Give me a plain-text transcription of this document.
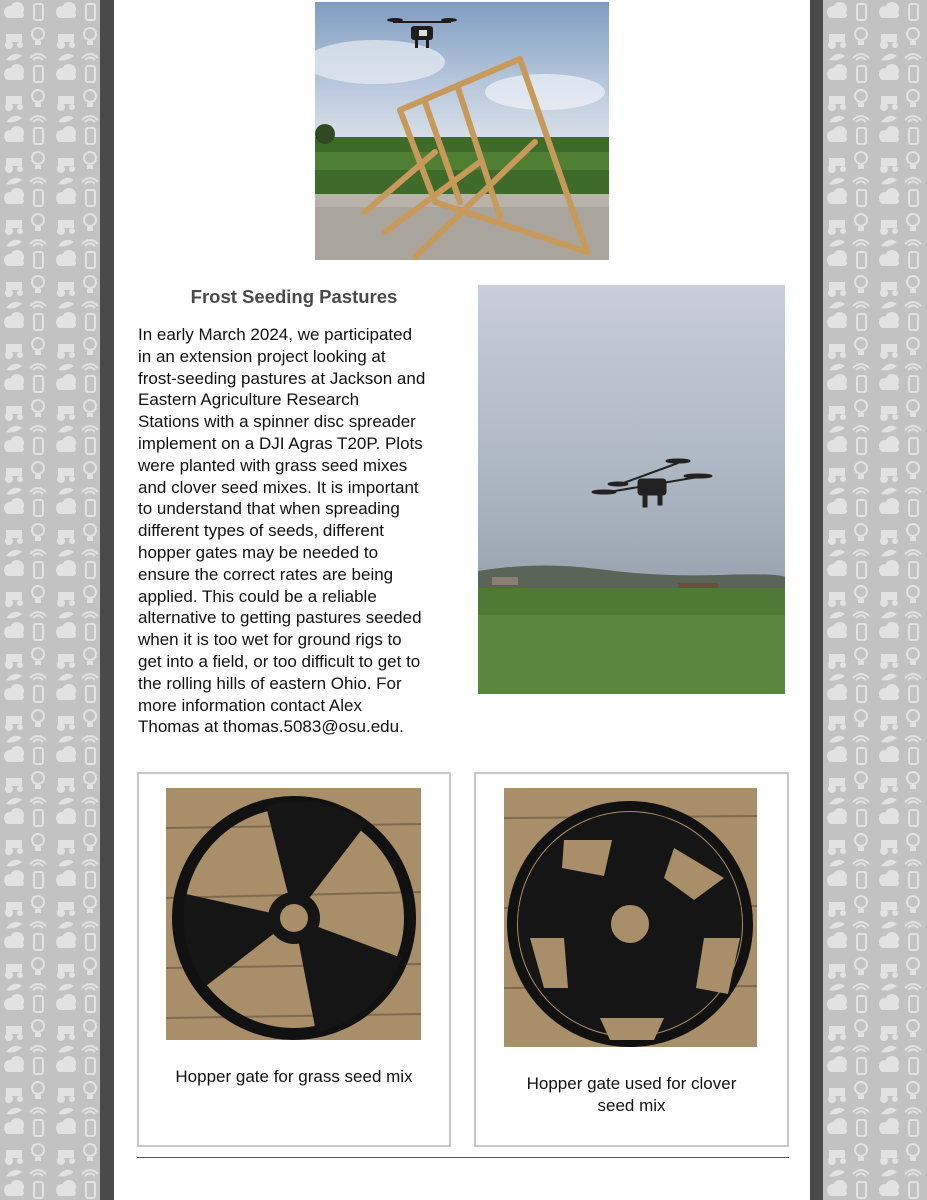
Frost Seeding Pastures
In early March 2024, we participated
in an extension project looking at
frost-seeding pastures at Jackson and
Eastern Agriculture Research
Stations with a spinner disc spreader
implement on a DJI Agras T20P. Plots
were planted with grass seed mixes
and clover seed mixes. It is important
to understand that when spreading
different types of seeds, different
hopper gates may be needed to
ensure the correct rates are being
applied. This could be a reliable
alternative to getting pastures seeded
when it is too wet for ground rigs to
get into a field, or too difficult to get to
the rolling hills of eastern Ohio. For
more information contact Alex
Thomas at thomas.5083@osu.edu.
Hopper gate for grass seed mix	Hopper gate used for clover
seed mix
